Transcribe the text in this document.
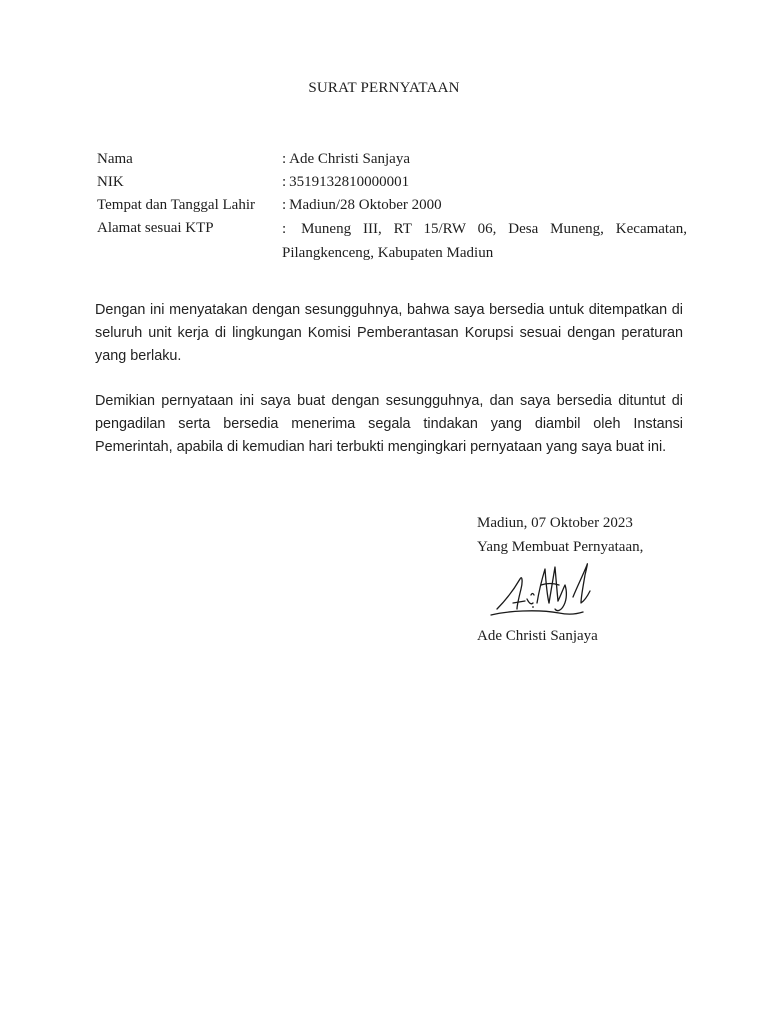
SURAT PERNYATAAN
Nama	: Ade Christi Sanjaya
NIK	: 3519132810000001
Tempat dan Tanggal Lahir	: Madiun/28 Oktober 2000
Alamat sesuai KTP	: Muneng III, RT 15/RW 06, Desa Muneng, Kecamatan, Pilangkenceng, Kabupaten Madiun

Dengan ini menyatakan dengan sesungguhnya, bahwa saya bersedia untuk ditempatkan di seluruh unit kerja di lingkungan Komisi Pemberantasan Korupsi sesuai dengan peraturan yang berlaku.

Demikian pernyataan ini saya buat dengan sesungguhnya, dan saya bersedia dituntut di pengadilan serta bersedia menerima segala tindakan yang diambil oleh Instansi Pemerintah, apabila di kemudian hari terbukti mengingkari pernyataan yang saya buat ini.

Madiun, 07 Oktober 2023
Yang Membuat Pernyataan,
Ade Christi Sanjaya
